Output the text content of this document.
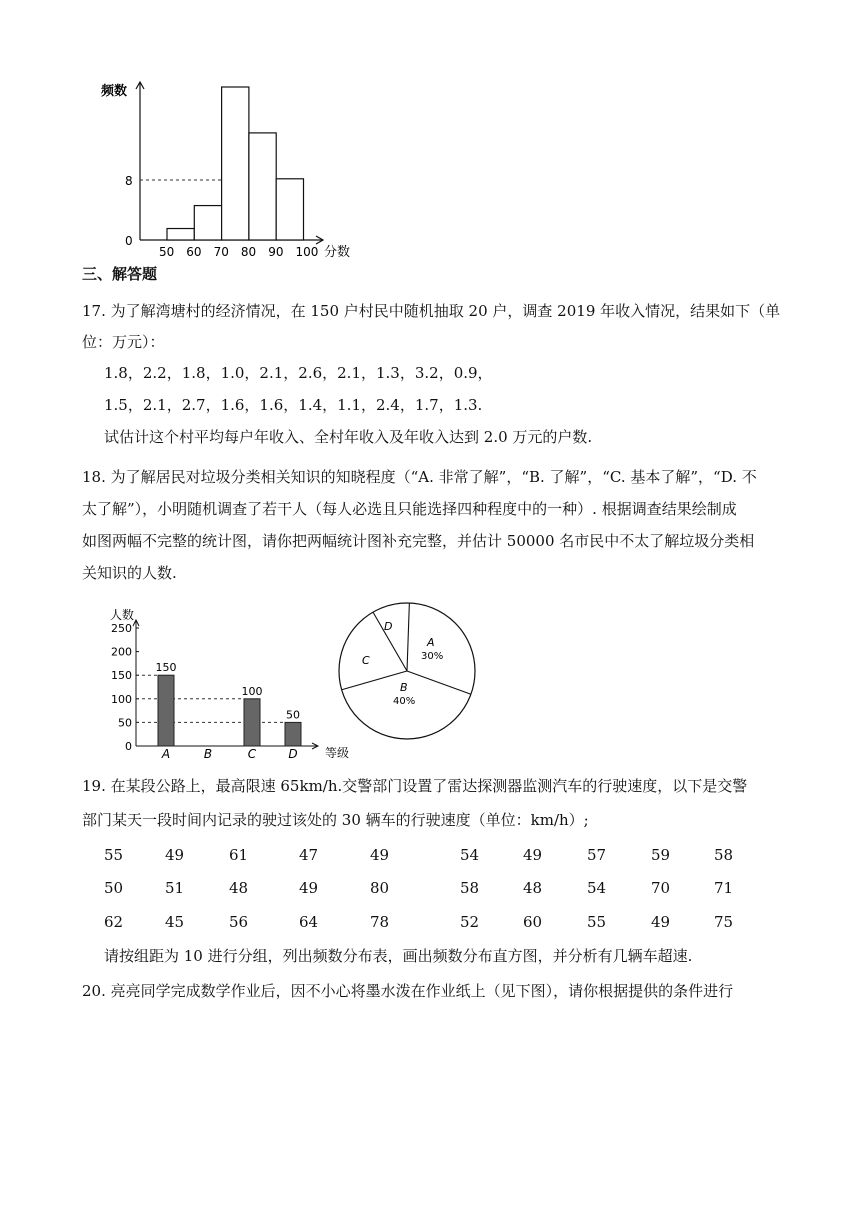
频数
8
0
50 60 70 80 90 100 分数
三、解答题
17. 为了解湾塘村的经济情况，在 150 户村民中随机抽取 20 户，调查 2019 年收入情况，结果如下（单
位：万元）：
1.8，2.2，1.8，1.0，2.1，2.6，2.1，1.3，3.2，0.9，
1.5，2.1，2.7，1.6，1.6，1.4，1.1，2.4，1.7，1.3.
试估计这个村平均每户年收入、全村年收入及年收入达到 2.0 万元的户数.
18. 为了解居民对垃圾分类相关知识的知晓程度（“A. 非常了解”，“B. 了解”，“C. 基本了解”，“D. 不
太了解”），小明随机调查了若干人（每人必选且只能选择四种程度中的一种）. 根据调查结果绘制成
如图两幅不完整的统计图，请你把两幅统计图补充完整，并估计 50000 名市民中不太了解垃圾分类相
关知识的人数.
人数
0
50
100
150
200
250
150
100
50
A	B	C	D 等级
A
30%
B
40%
C
D
19. 在某段公路上，最高限速 65km/h.交警部门设置了雷达探测器监测汽车的行驶速度，以下是交警
部门某天一段时间内记录的驶过该处的 30 辆车的行驶速度（单位：km/h）;
55	49	61	47	49	54	49	57	59	58
50	51	48	49	80	58	48	54	70	71
62	45	56	64	78	52	60	55	49	75
请按组距为 10 进行分组，列出频数分布表，画出频数分布直方图，并分析有几辆车超速.
20. 亮亮同学完成数学作业后，因不小心将墨水泼在作业纸上（见下图），请你根据提供的条件进行
